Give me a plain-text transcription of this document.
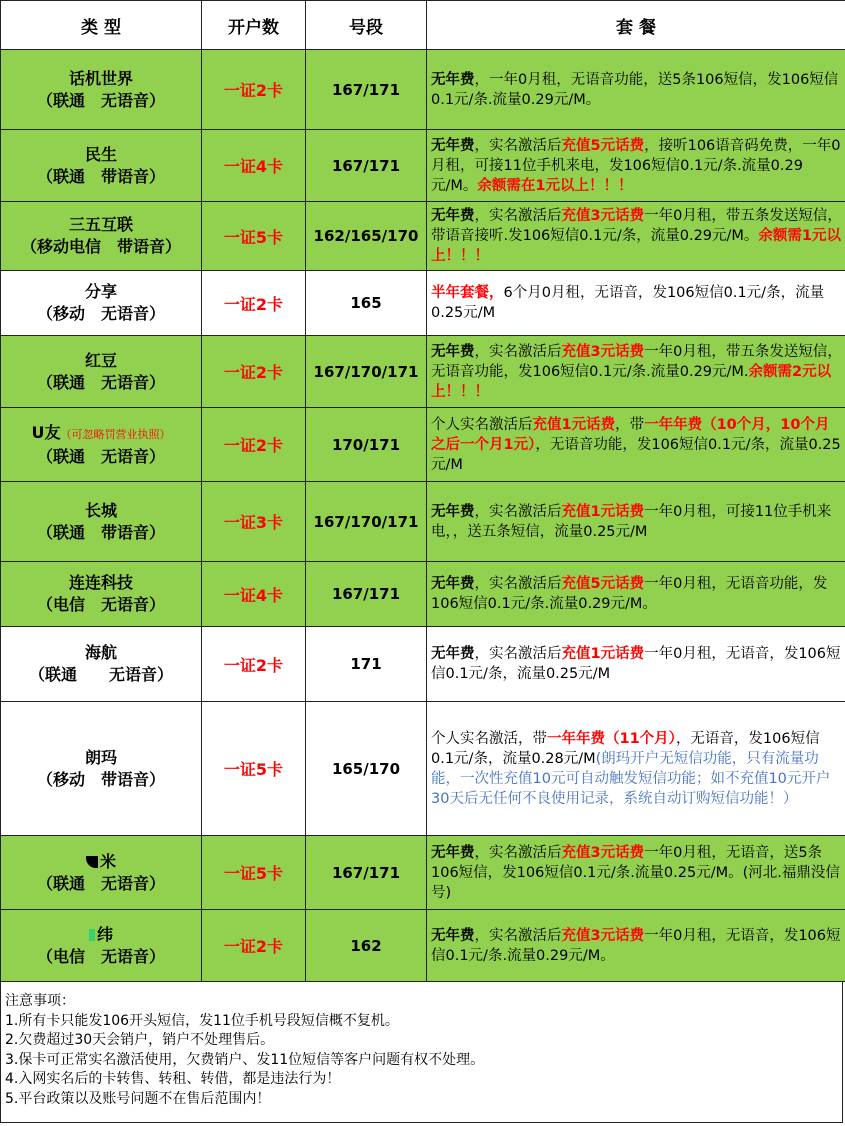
类 型	开户数	号段	套 餐

话机世界
（联通　无语音）	一证2卡	167/171	无年费，一年0月租，无语音功能，送5条106短信，发106短信0.1元/条.流量0.29元/M。

民生
（联通　带语音）	一证4卡	167/171	无年费，实名激活后充值5元话费，接听106语音码免费，一年0月租，可接11位手机来电，发106短信0.1元/条.流量0.29元/M。余额需在1元以上！！！

三五互联
（移动电信　带语音）	一证5卡	162/165/170	无年费，实名激活后充值3元话费一年0月租，带五条发送短信，带语音接听.发106短信0.1元/条，流量0.29元/M。余额需1元以上！！！

分享
（移动　无语音）	一证2卡	165	半年套餐，6个月0月租，无语音，发106短信0.1元/条，流量0.25元/M

红豆
（联通　无语音）	一证2卡	167/170/171	无年费，实名激活后充值3元话费一年0月租，带五条发送短信，无语音功能，发106短信0.1元/条.流量0.29元/M.余额需2元以上！！！

U友（可忽略罚营业执照）
（联通　无语音）	一证2卡	170/171	个人实名激活后充值1元话费，带一年年费（10个月，10个月之后一个月1元），无语音功能，发106短信0.1元/条，流量0.25元/M

长城
（联通　带语音）	一证3卡	167/170/171	无年费，实名激活后充值1元话费一年0月租，可接11位手机来电，，送五条短信，流量0.25元/M

连连科技
（电信　无语音）	一证4卡	167/171	无年费，实名激活后充值5元话费一年0月租，无语音功能，发106短信0.1元/条.流量0.29元/M。

海航
（联通　　无语音）	一证2卡	171	无年费，实名激活后充值1元话费一年0月租，无语音，发106短信0.1元/条，流量0.25元/M

朗玛
（移动　带语音）	一证5卡	165/170	个人实名激活，带一年年费（11个月），无语音，发106短信0.1元/条，流量0.28元/M(朗玛开户无短信功能，只有流量功能，一次性充值10元可自动触发短信功能；如不充值10元开户30天后无任何不良使用记录，系统自动订购短信功能！）

米
（联通　无语音）	一证5卡	167/171	无年费，实名激活后充值3元话费一年0月租，无语音，送5条106短信，发106短信0.1元/条.流量0.25元/M。(河北.福鼎没信号)

纬
（电信　无语音）	一证2卡	162	无年费，实名激活后充值3元话费一年0月租，无语音，发106短信0.1元/条.流量0.29元/M。
注意事项：
1.所有卡只能发106开头短信，发11位手机号段短信概不复机。
2.欠费超过30天会销户，销户不处理售后。
3.保卡可正常实名激活使用，欠费销户、发11位短信等客户问题有权不处理。
4.入网实名后的卡转售、转租、转借，都是违法行为！
5.平台政策以及账号问题不在售后范围内！
